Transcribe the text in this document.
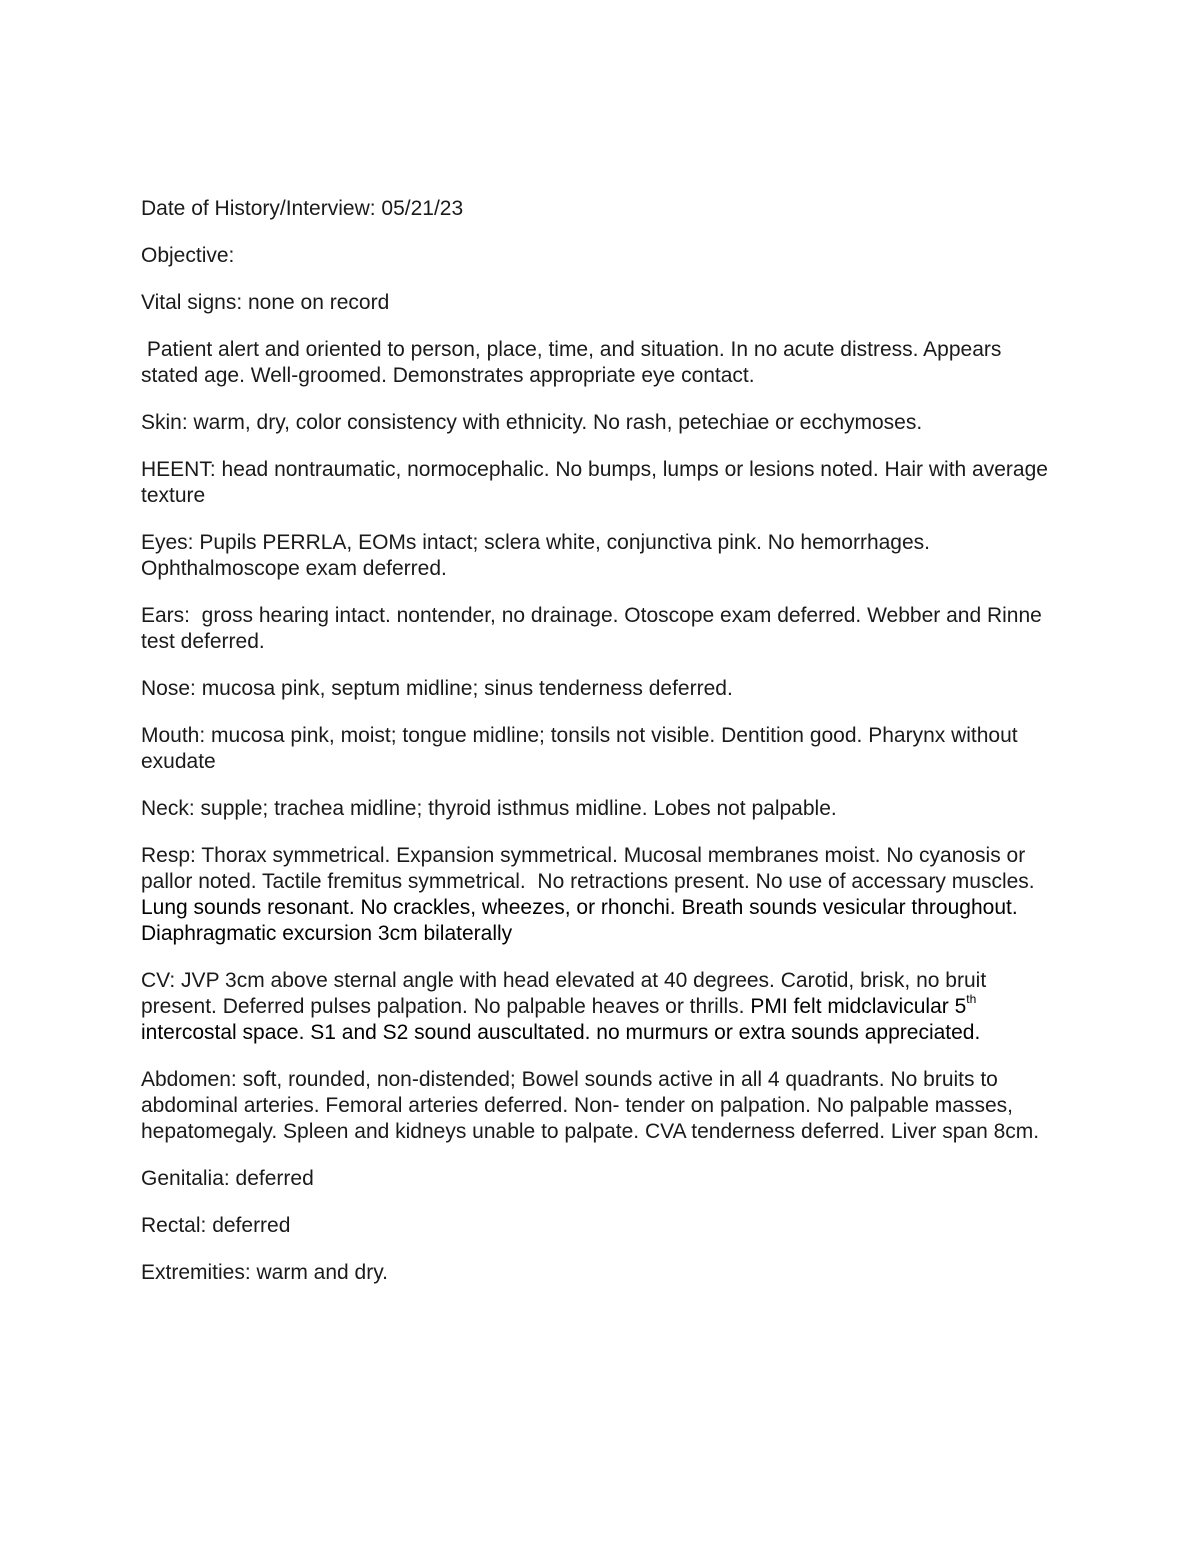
Date of History/Interview: 05/21/23

Objective:

Vital signs: none on record

Patient alert and oriented to person, place, time, and situation. In no acute distress. Appears stated age. Well-groomed. Demonstrates appropriate eye contact.

Skin: warm, dry, color consistency with ethnicity. No rash, petechiae or ecchymoses.

HEENT: head nontraumatic, normocephalic. No bumps, lumps or lesions noted. Hair with average texture

Eyes: Pupils PERRLA, EOMs intact; sclera white, conjunctiva pink. No hemorrhages. Ophthalmoscope exam deferred.

Ears:  gross hearing intact. nontender, no drainage. Otoscope exam deferred. Webber and Rinne test deferred.

Nose: mucosa pink, septum midline; sinus tenderness deferred.

Mouth: mucosa pink, moist; tongue midline; tonsils not visible. Dentition good. Pharynx without exudate

Neck: supple; trachea midline; thyroid isthmus midline. Lobes not palpable.

Resp: Thorax symmetrical. Expansion symmetrical. Mucosal membranes moist. No cyanosis or pallor noted. Tactile fremitus symmetrical.  No retractions present. No use of accessary muscles. Lung sounds resonant. No crackles, wheezes, or rhonchi. Breath sounds vesicular throughout.  Diaphragmatic excursion 3cm bilaterally

CV: JVP 3cm above sternal angle with head elevated at 40 degrees. Carotid, brisk, no bruit present. Deferred pulses palpation. No palpable heaves or thrills. PMI felt midclavicular 5th intercostal space. S1 and S2 sound auscultated. no murmurs or extra sounds appreciated.

Abdomen: soft, rounded, non-distended; Bowel sounds active in all 4 quadrants. No bruits to abdominal arteries. Femoral arteries deferred. Non- tender on palpation. No palpable masses, hepatomegaly. Spleen and kidneys unable to palpate. CVA tenderness deferred. Liver span 8cm.

Genitalia: deferred

Rectal: deferred

Extremities: warm and dry.
